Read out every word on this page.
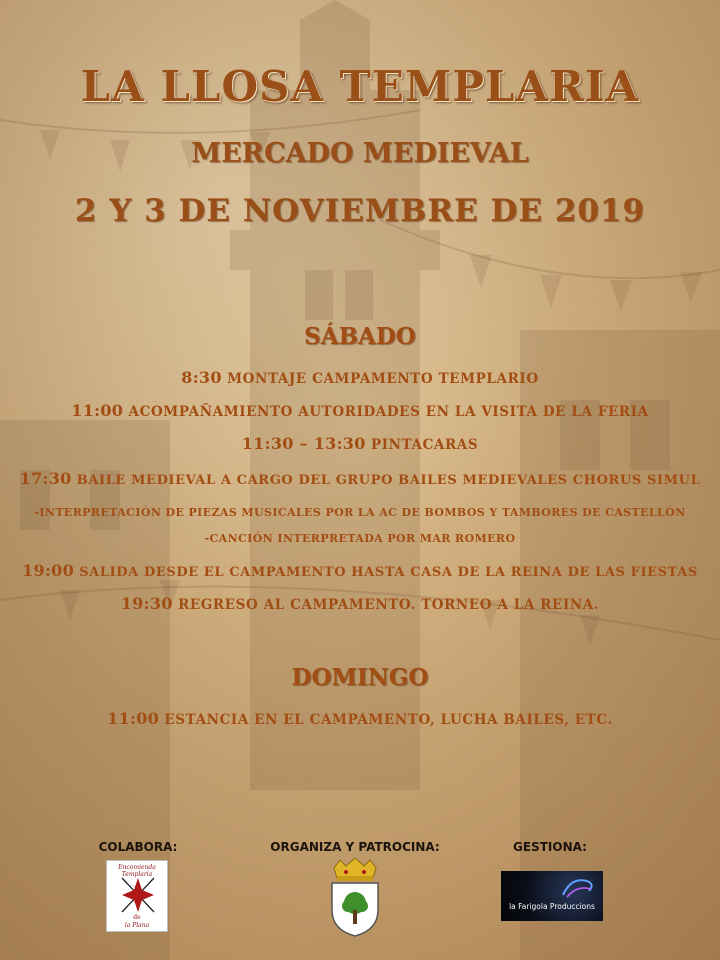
LA LLOSA TEMPLARIA
MERCADO MEDIEVAL
2 Y 3 DE NOVIEMBRE DE 2019
SÁBADO
8:30 MONTAJE CAMPAMENTO TEMPLARIO
11:00 ACOMPAÑAMIENTO AUTORIDADES EN LA VISITA DE LA FERIA
11:30 – 13:30 PINTACARAS
17:30 BAILE MEDIEVAL A CARGO DEL GRUPO BAILES MEDIEVALES CHORUS SIMUL
-INTERPRETACIÓN DE PIEZAS MUSICALES POR LA AC DE BOMBOS Y TAMBORES DE CASTELLÓN
-CANCIÓN INTERPRETADA POR MAR ROMERO
19:00 SALIDA DESDE EL CAMPAMENTO HASTA CASA DE LA REINA DE LAS FIESTAS
19:30 REGRESO AL CAMPAMENTO. TORNEO A LA REINA.
DOMINGO
11:00 ESTANCIA EN EL CAMPAMENTO, LUCHA BAILES, ETC.
COLABORA:	ORGANIZA Y PATROCINA:	GESTIONA:
Encomienda Templaria
de
la Plana
la Farigola Produccions
